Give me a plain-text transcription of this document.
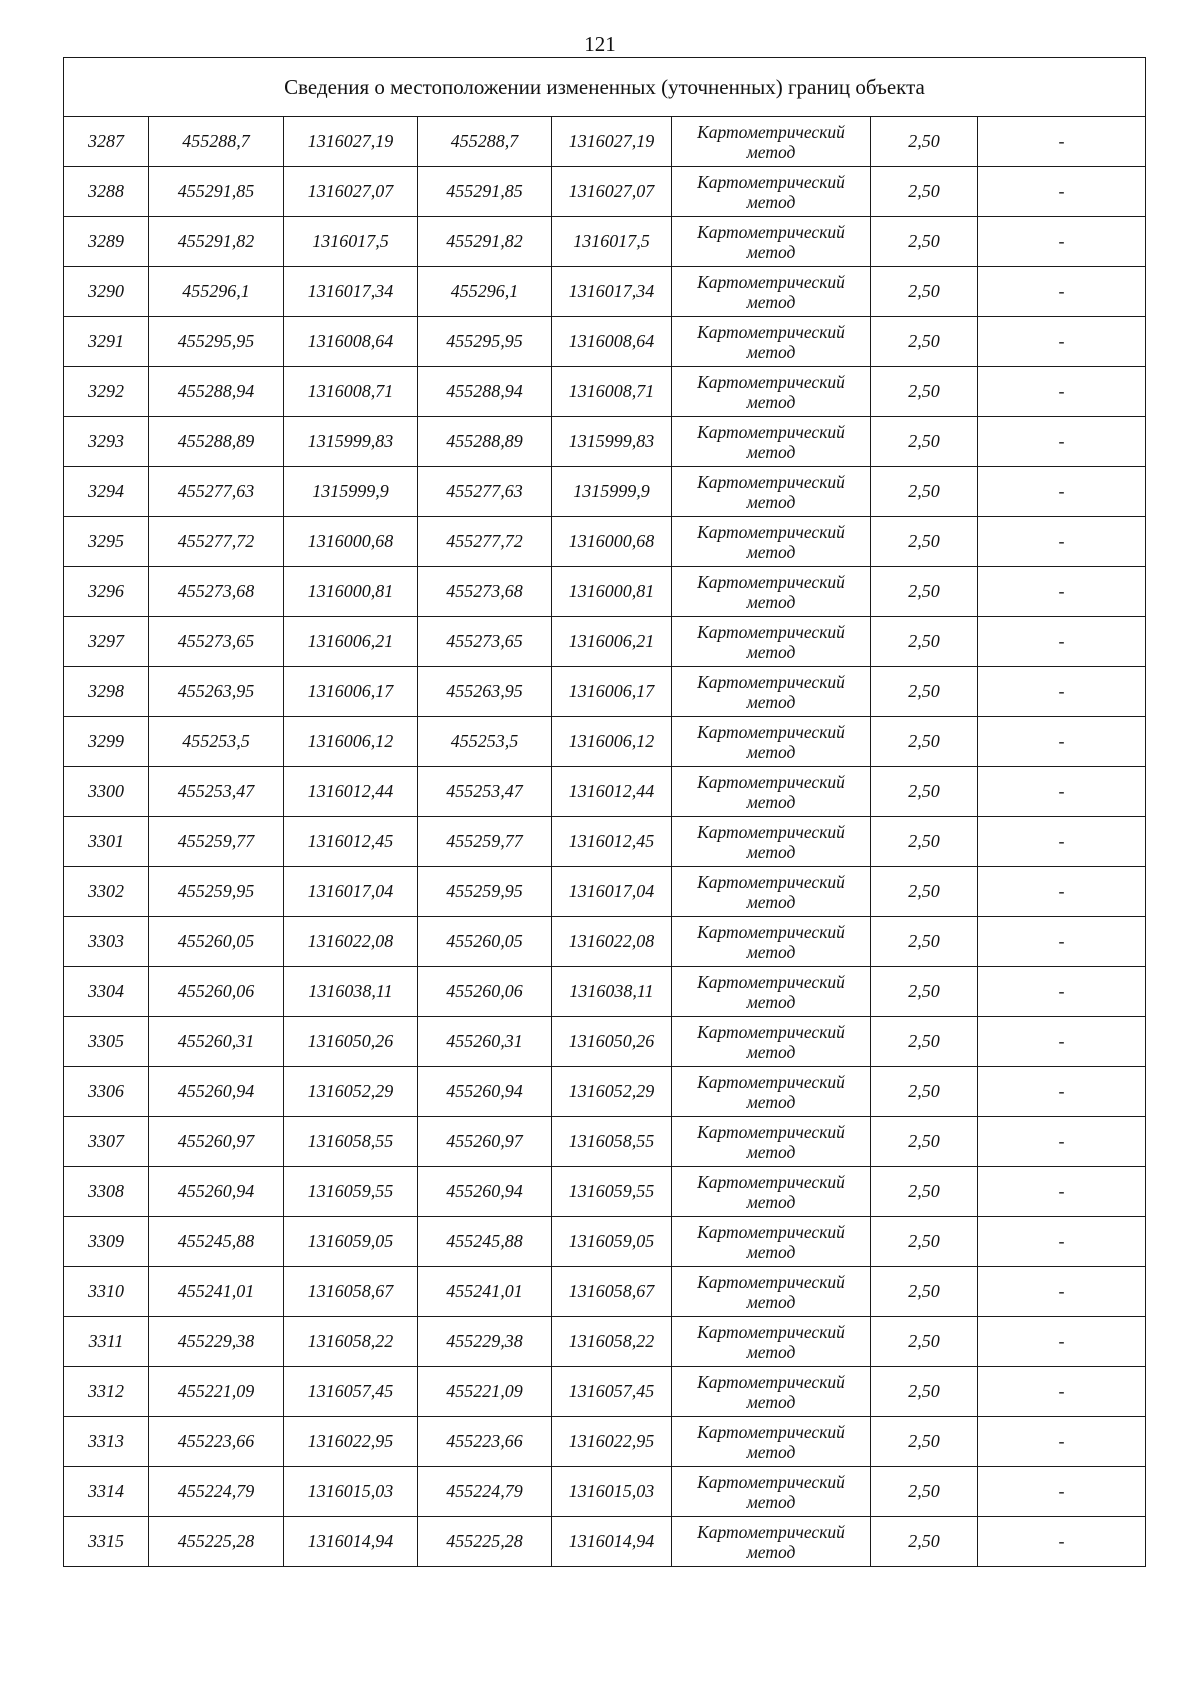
121
Сведения о местоположении измененных (уточненных) границ объекта							
3287	455288,7	1316027,19	455288,7	1316027,19	Картометрический метод	2,50	-
3288	455291,85	1316027,07	455291,85	1316027,07	Картометрический метод	2,50	-
3289	455291,82	1316017,5	455291,82	1316017,5	Картометрический метод	2,50	-
3290	455296,1	1316017,34	455296,1	1316017,34	Картометрический метод	2,50	-
3291	455295,95	1316008,64	455295,95	1316008,64	Картометрический метод	2,50	-
3292	455288,94	1316008,71	455288,94	1316008,71	Картометрический метод	2,50	-
3293	455288,89	1315999,83	455288,89	1315999,83	Картометрический метод	2,50	-
3294	455277,63	1315999,9	455277,63	1315999,9	Картометрический метод	2,50	-
3295	455277,72	1316000,68	455277,72	1316000,68	Картометрический метод	2,50	-
3296	455273,68	1316000,81	455273,68	1316000,81	Картометрический метод	2,50	-
3297	455273,65	1316006,21	455273,65	1316006,21	Картометрический метод	2,50	-
3298	455263,95	1316006,17	455263,95	1316006,17	Картометрический метод	2,50	-
3299	455253,5	1316006,12	455253,5	1316006,12	Картометрический метод	2,50	-
3300	455253,47	1316012,44	455253,47	1316012,44	Картометрический метод	2,50	-
3301	455259,77	1316012,45	455259,77	1316012,45	Картометрический метод	2,50	-
3302	455259,95	1316017,04	455259,95	1316017,04	Картометрический метод	2,50	-
3303	455260,05	1316022,08	455260,05	1316022,08	Картометрический метод	2,50	-
3304	455260,06	1316038,11	455260,06	1316038,11	Картометрический метод	2,50	-
3305	455260,31	1316050,26	455260,31	1316050,26	Картометрический метод	2,50	-
3306	455260,94	1316052,29	455260,94	1316052,29	Картометрический метод	2,50	-
3307	455260,97	1316058,55	455260,97	1316058,55	Картометрический метод	2,50	-
3308	455260,94	1316059,55	455260,94	1316059,55	Картометрический метод	2,50	-
3309	455245,88	1316059,05	455245,88	1316059,05	Картометрический метод	2,50	-
3310	455241,01	1316058,67	455241,01	1316058,67	Картометрический метод	2,50	-
3311	455229,38	1316058,22	455229,38	1316058,22	Картометрический метод	2,50	-
3312	455221,09	1316057,45	455221,09	1316057,45	Картометрический метод	2,50	-
3313	455223,66	1316022,95	455223,66	1316022,95	Картометрический метод	2,50	-
3314	455224,79	1316015,03	455224,79	1316015,03	Картометрический метод	2,50	-
3315	455225,28	1316014,94	455225,28	1316014,94	Картометрический метод	2,50	-
